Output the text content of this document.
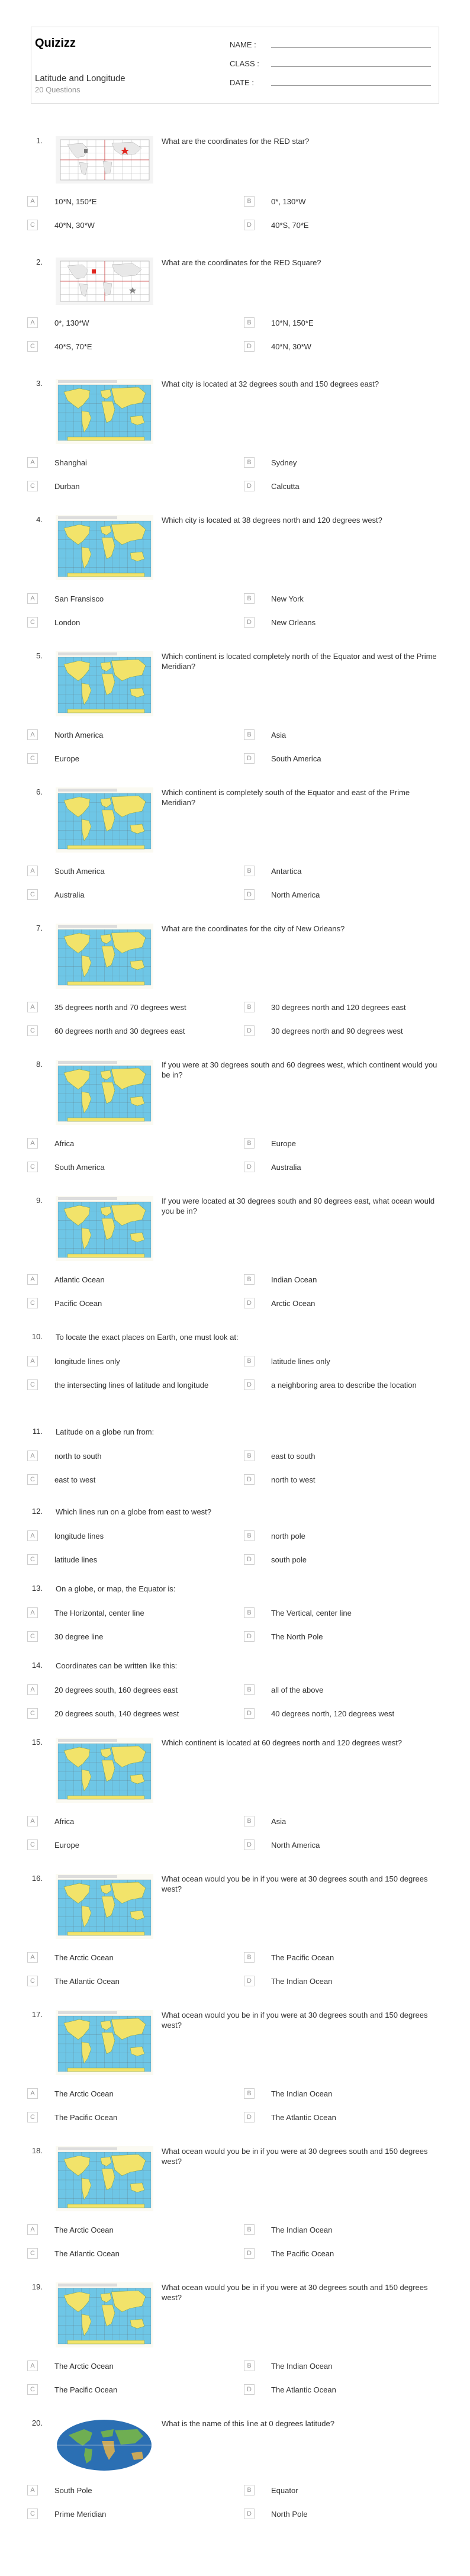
Quizizz
Latitude and Longitude
20 Questions
NAME :
CLASS :
DATE :
1.	What are the coordinates for the RED star?
A	10*N, 150*E	B	0*, 130*W
C	40*N, 30*W	D	40*S, 70*E
2.	What are the coordinates for the RED Square?
A	0*, 130*W	B	10*N, 150*E
C	40*S, 70*E	D	40*N, 30*W
3.	What city is located at 32 degrees south and 150 degrees east?
A	Shanghai	B	Sydney
C	Durban	D	Calcutta
4.	Which city is located at 38 degrees north and 120 degrees west?
A	San Fransisco	B	New York
C	London	D	New Orleans
5.	Which continent is located completely north of the Equator and west of the Prime Meridian?
A	North America	B	Asia
C	Europe	D	South America
6.	Which continent is completely south of the Equator and east of the Prime Meridian?
A	South America	B	Antartica
C	Australia	D	North America
7.	What are the coordinates for the city of New Orleans?
A	35 degrees north and 70 degrees west	B	30 degrees north and 120 degrees east
C	60 degrees north and 30 degrees east	D	30 degrees north and 90 degrees west
8.	If you were at 30 degrees south and 60 degrees west, which continent would you be in?
A	Africa	B	Europe
C	South America	D	Australia
9.	If you were located at 30 degrees south and 90 degrees east, what ocean would you be in?
A	Atlantic Ocean	B	Indian Ocean
C	Pacific Ocean	D	Arctic Ocean
10. To locate the exact places on Earth, one must look at:
A	longitude lines only	B	latitude lines only
C	the intersecting lines of latitude and longitude	D	a neighboring area to describe the location
11. Latitude on a globe run from:
A	north to south	B	east to south
C	east to west	D	north to west
12. Which lines run on a globe from east to west?
A	longitude lines	B	north pole
C	latitude lines	D	south pole
13. On a globe, or map, the Equator is:
A	The Horizontal, center line	B	The Vertical, center line
C	30 degree line	D	The North Pole
14. Coordinates can be written like this:
A	20 degrees south, 160 degrees east	B	all of the above
C	20 degrees south, 140 degrees west	D	40 degrees north, 120 degrees west
15.	Which continent is located at 60 degrees north and 120 degrees west?
A	Africa	B	Asia
C	Europe	D	North America
16.	What ocean would you be in if you were at 30 degrees south and 150 degrees west?
A	The Arctic Ocean	B	The Pacific Ocean
C	The Atlantic Ocean	D	The Indian Ocean
17.	What ocean would you be in if you were at 30 degrees south and 150 degrees west?
A	The Arctic Ocean	B	The Indian Ocean
C	The Pacific Ocean	D	The Atlantic Ocean
18.	What ocean would you be in if you were at 30 degrees south and 150 degrees west?
A	The Arctic Ocean	B	The Indian Ocean
C	The Atlantic Ocean	D	The Pacific Ocean
19.	What ocean would you be in if you were at 30 degrees south and 150 degrees west?
A	The Arctic Ocean	B	The Indian Ocean
C	The Pacific Ocean	D	The Atlantic Ocean
20.	What is the name of this line at 0 degrees latitude?
A	South Pole	B	Equator
C	Prime Meridian	D	North Pole
